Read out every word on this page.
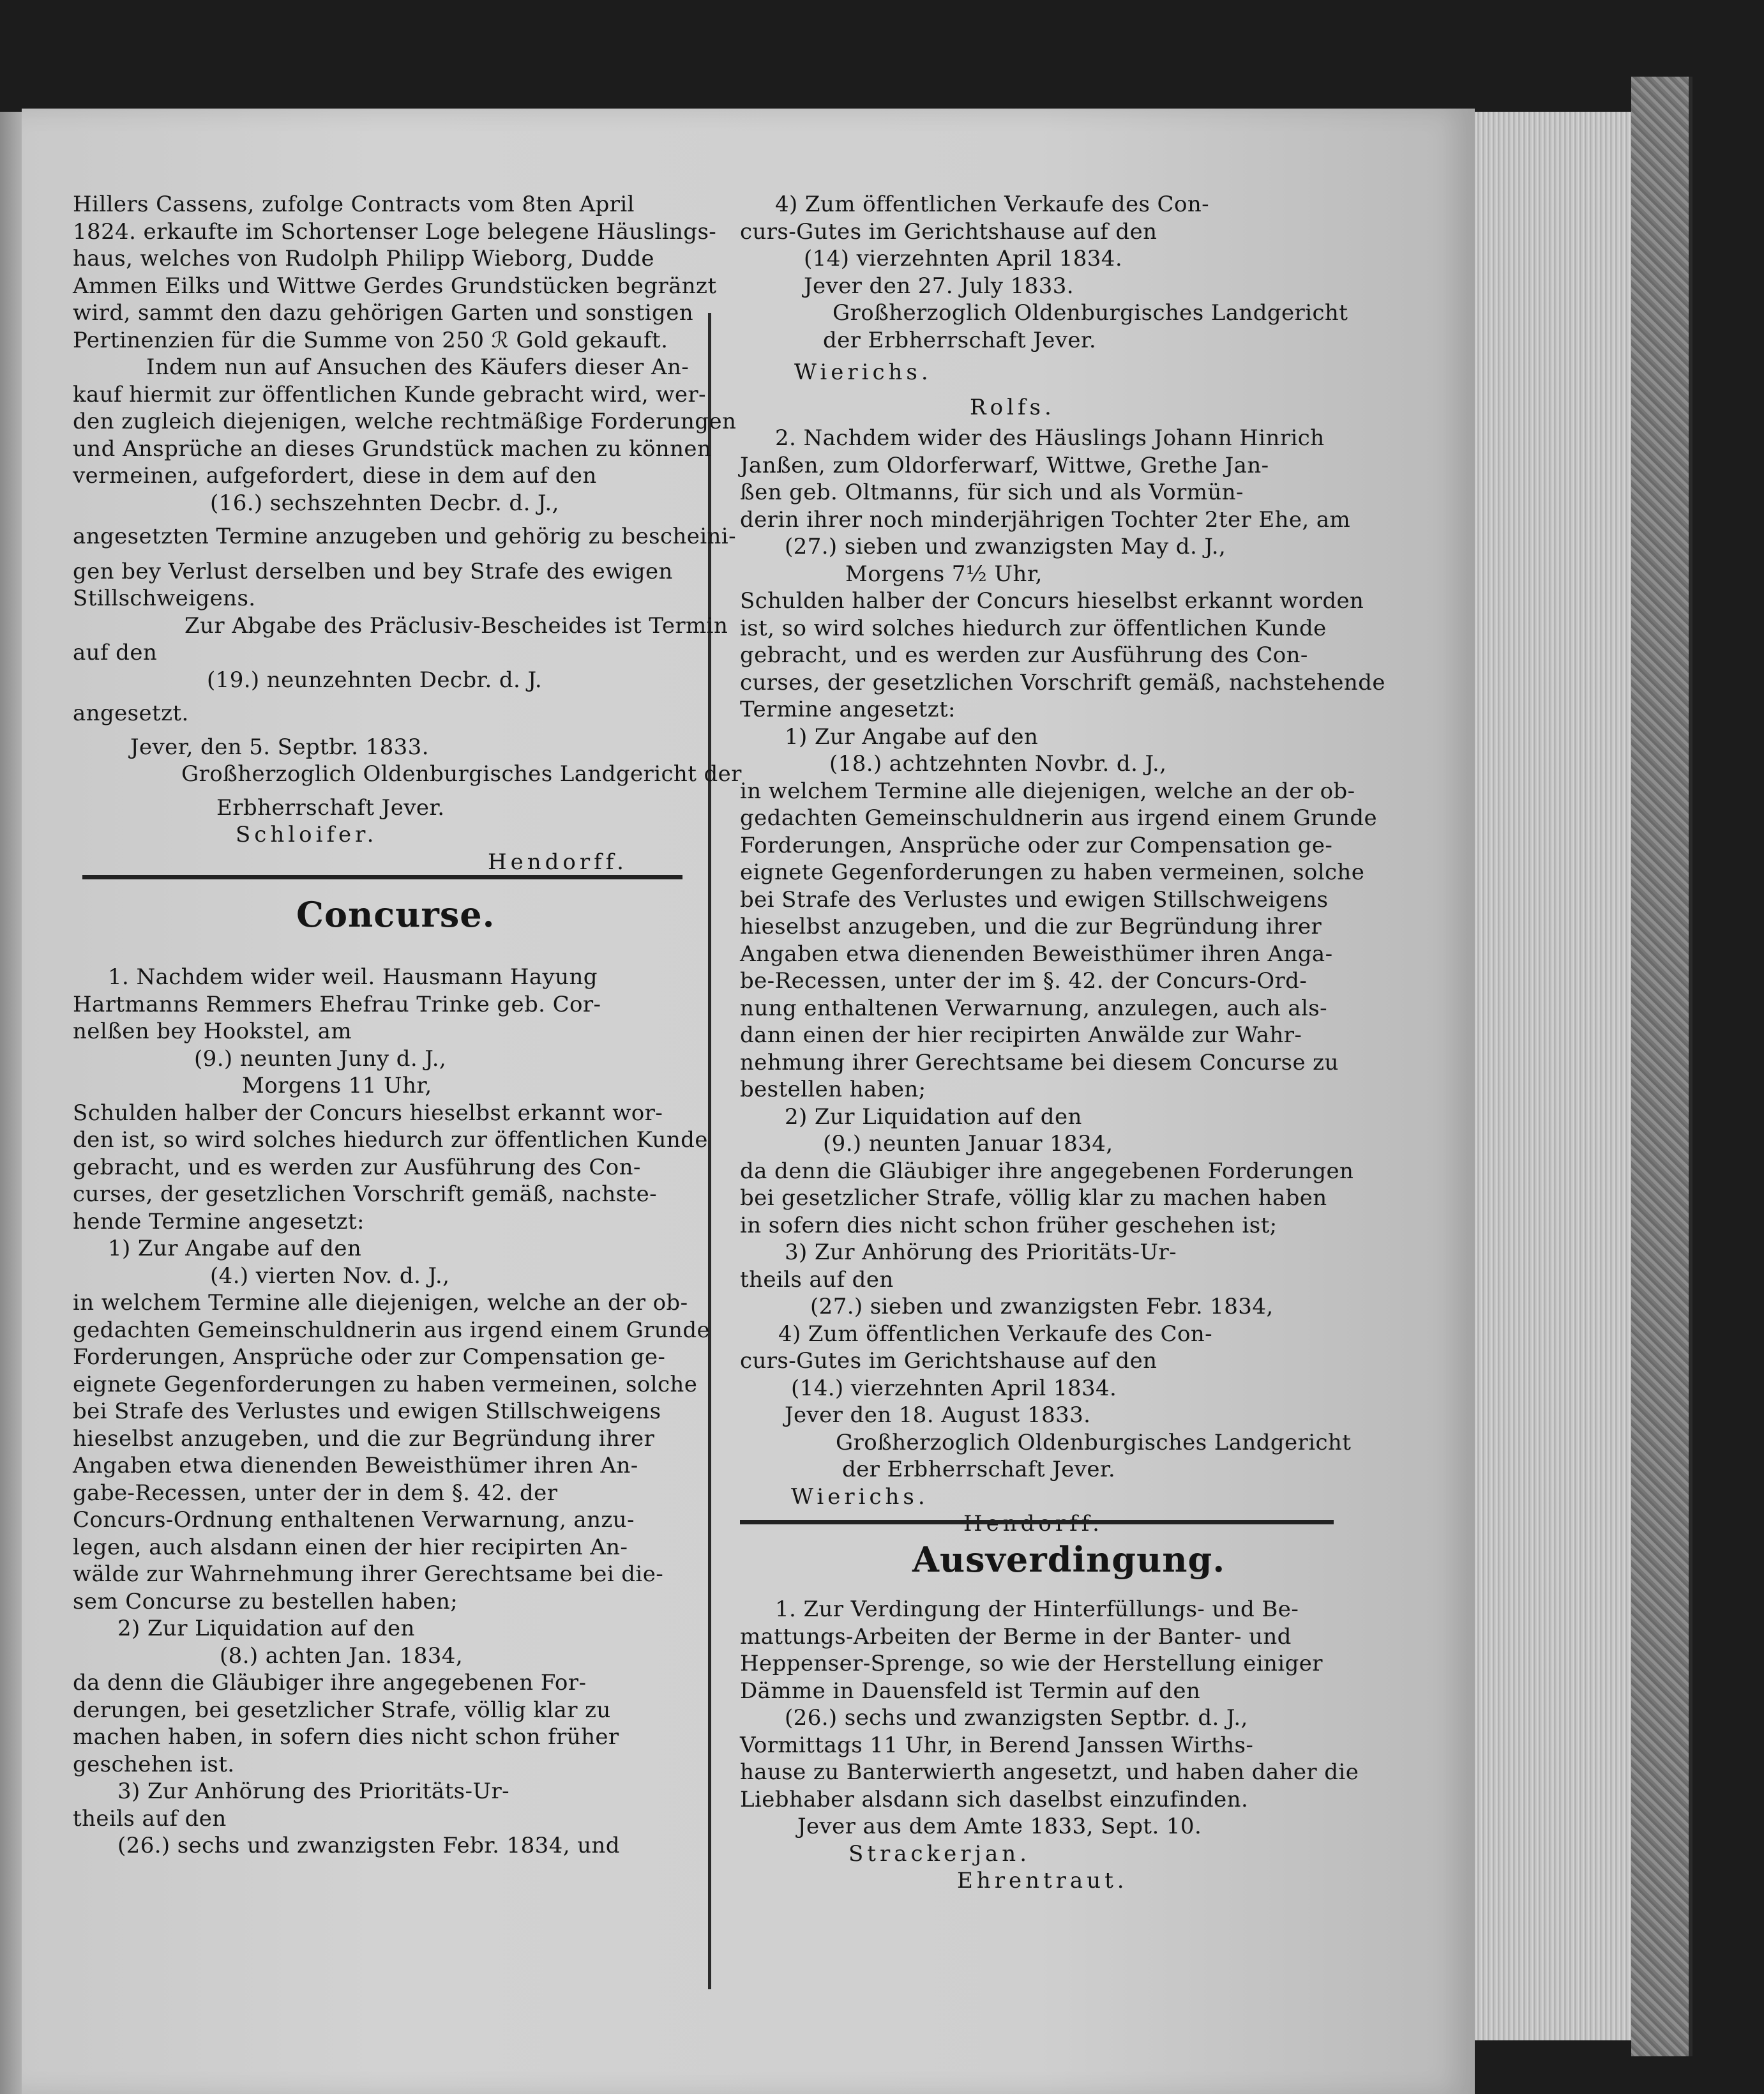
Hillers Cassens, zufolge Contracts vom 8ten April
1824. erkaufte im Schortenser Loge belegene Häuslings-
haus, welches von Rudolph Philipp Wieborg, Dudde
Ammen Eilks und Wittwe Gerdes Grundstücken begränzt
wird, sammt den dazu gehörigen Garten und sonstigen
Pertinenzien für die Summe von 250 ℛ Gold gekauft.
Indem nun auf Ansuchen des Käufers dieser An-
kauf hiermit zur öffentlichen Kunde gebracht wird, wer-
den zugleich diejenigen, welche rechtmäßige Forderungen
und Ansprüche an dieses Grundstück machen zu können
vermeinen, aufgefordert, diese in dem auf den
(16.) sechszehnten Decbr. d. J.,
angesetzten Termine anzugeben und gehörig zu bescheini-
gen bey Verlust derselben und bey Strafe des ewigen
Stillschweigens.
Zur Abgabe des Präclusiv-Bescheides ist Termin
auf den
(19.) neunzehnten Decbr. d. J.
angesetzt.
Jever, den 5. Septbr. 1833.
Großherzoglich Oldenburgisches Landgericht der
Erbherrschaft Jever.
Schloifer.
Hendorff.
Concurse.
1. Nachdem wider weil. Hausmann Hayung
Hartmanns Remmers Ehefrau Trinke geb. Cor-
nelßen bey Hookstel, am
(9.) neunten Juny d. J.,
Morgens 11 Uhr,
Schulden halber der Concurs hieselbst erkannt wor-
den ist, so wird solches hiedurch zur öffentlichen Kunde
gebracht, und es werden zur Ausführung des Con-
curses, der gesetzlichen Vorschrift gemäß, nachste-
hende Termine angesetzt:
1) Zur Angabe auf den
(4.) vierten Nov. d. J.,
in welchem Termine alle diejenigen, welche an der ob-
gedachten Gemeinschuldnerin aus irgend einem Grunde
Forderungen, Ansprüche oder zur Compensation ge-
eignete Gegenforderungen zu haben vermeinen, solche
bei Strafe des Verlustes und ewigen Stillschweigens
hieselbst anzugeben, und die zur Begründung ihrer
Angaben etwa dienenden Beweisthümer ihren An-
gabe-Recessen, unter der in dem §. 42. der
Concurs-Ordnung enthaltenen Verwarnung, anzu-
legen, auch alsdann einen der hier recipirten An-
wälde zur Wahrnehmung ihrer Gerechtsame bei die-
sem Concurse zu bestellen haben;
2) Zur Liquidation auf den
(8.) achten Jan. 1834,
da denn die Gläubiger ihre angegebenen For-
derungen, bei gesetzlicher Strafe, völlig klar zu
machen haben, in sofern dies nicht schon früher
geschehen ist.
3) Zur Anhörung des Prioritäts-Ur-
theils auf den
(26.) sechs und zwanzigsten Febr. 1834, und
4) Zum öffentlichen Verkaufe des Con-
curs-Gutes im Gerichtshause auf den
(14) vierzehnten April 1834.
Jever den 27. July 1833.
Großherzoglich Oldenburgisches Landgericht
der Erbherrschaft Jever.
Wierichs.
Rolfs.
2. Nachdem wider des Häuslings Johann Hinrich
Janßen, zum Oldorferwarf, Wittwe, Grethe Jan-
ßen geb. Oltmanns, für sich und als Vormün-
derin ihrer noch minderjährigen Tochter 2ter Ehe, am
(27.) sieben und zwanzigsten May d. J.,
Morgens 7½ Uhr,
Schulden halber der Concurs hieselbst erkannt worden
ist, so wird solches hiedurch zur öffentlichen Kunde
gebracht, und es werden zur Ausführung des Con-
curses, der gesetzlichen Vorschrift gemäß, nachstehende
Termine angesetzt:
1) Zur Angabe auf den
(18.) achtzehnten Novbr. d. J.,
in welchem Termine alle diejenigen, welche an der ob-
gedachten Gemeinschuldnerin aus irgend einem Grunde
Forderungen, Ansprüche oder zur Compensation ge-
eignete Gegenforderungen zu haben vermeinen, solche
bei Strafe des Verlustes und ewigen Stillschweigens
hieselbst anzugeben, und die zur Begründung ihrer
Angaben etwa dienenden Beweisthümer ihren Anga-
be-Recessen, unter der im §. 42. der Concurs-Ord-
nung enthaltenen Verwarnung, anzulegen, auch als-
dann einen der hier recipirten Anwälde zur Wahr-
nehmung ihrer Gerechtsame bei diesem Concurse zu
bestellen haben;
2) Zur Liquidation auf den
(9.) neunten Januar 1834,
da denn die Gläubiger ihre angegebenen Forderungen
bei gesetzlicher Strafe, völlig klar zu machen haben
in sofern dies nicht schon früher geschehen ist;
3) Zur Anhörung des Prioritäts-Ur-
theils auf den
(27.) sieben und zwanzigsten Febr. 1834,
4) Zum öffentlichen Verkaufe des Con-
curs-Gutes im Gerichtshause auf den
(14.) vierzehnten April 1834.
Jever den 18. August 1833.
Großherzoglich Oldenburgisches Landgericht
der Erbherrschaft Jever.
Wierichs.
Ausverdingung.
1. Zur Verdingung der Hinterfüllungs- und Be-
mattungs-Arbeiten der Berme in der Banter- und
Heppenser-Sprenge, so wie der Herstellung einiger
Dämme in Dauensfeld ist Termin auf den
(26.) sechs und zwanzigsten Septbr. d. J.,
Vormittags 11 Uhr, in Berend Janssen Wirths-
hause zu Banterwierth angesetzt, und haben daher die
Liebhaber alsdann sich daselbst einzufinden.
Jever aus dem Amte 1833, Sept. 10.
Strackerjan.
Ehrentraut.
